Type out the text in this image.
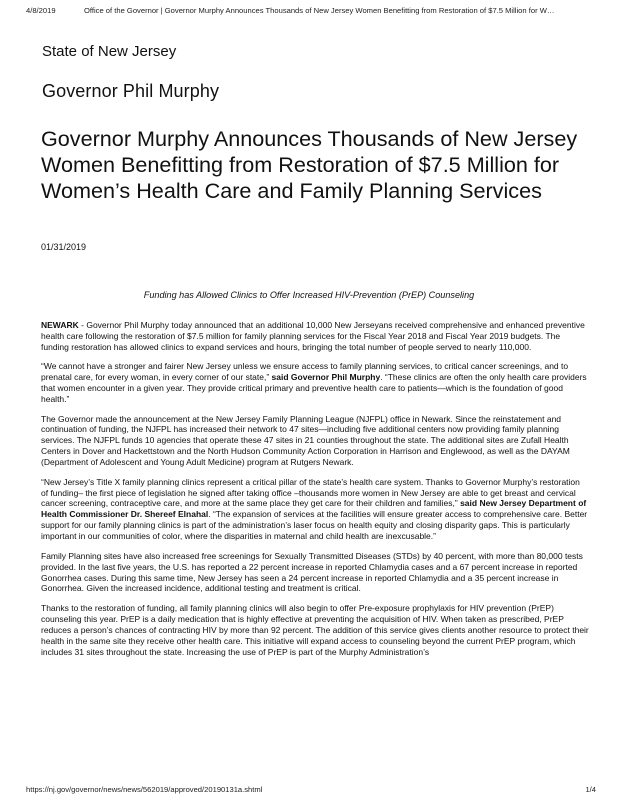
4/8/2019	Office of the Governor | Governor Murphy Announces Thousands of New Jersey Women Benefitting from Restoration of $7.5 Million for W…
State of New Jersey
Governor Phil Murphy
Governor Murphy Announces Thousands of New Jersey Women Benefitting from Restoration of $7.5 Million for Women’s Health Care and Family Planning Services
01/31/2019
Funding has Allowed Clinics to Offer Increased HIV-Prevention (PrEP) Counseling

NEWARK - Governor Phil Murphy today announced that an additional 10,000 New Jerseyans received comprehensive and enhanced preventive health care following the restoration of $7.5 million for family planning services for the Fiscal Year 2018 and Fiscal Year 2019 budgets. The funding restoration has allowed clinics to expand services and hours, bringing the total number of people served to nearly 110,000.

“We cannot have a stronger and fairer New Jersey unless we ensure access to family planning services, to critical cancer screenings, and to prenatal care, for every woman, in every corner of our state,” said Governor Phil Murphy. “These clinics are often the only health care providers that women encounter in a given year. They provide critical primary and preventive health care to patients—which is the foundation of good health.”

The Governor made the announcement at the New Jersey Family Planning League (NJFPL) office in Newark. Since the reinstatement and continuation of funding, the NJFPL has increased their network to 47 sites—including five additional centers now providing family planning services. The NJFPL funds 10 agencies that operate these 47 sites in 21 counties throughout the state. The additional sites are Zufall Health Centers in Dover and Hackettstown and the North Hudson Community Action Corporation in Harrison and Englewood, as well as the DAYAM (Department of Adolescent and Young Adult Medicine) program at Rutgers Newark.

“New Jersey’s Title X family planning clinics represent a critical pillar of the state’s health care system. Thanks to Governor Murphy’s restoration of funding– the first piece of legislation he signed after taking office –thousands more women in New Jersey are able to get breast and cervical cancer screening, contraceptive care, and more at the same place they get care for their children and families,” said New Jersey Department of Health Commissioner Dr. Shereef Elnahal. “The expansion of services at the facilities will ensure greater access to comprehensive care. Better support for our family planning clinics is part of the administration’s laser focus on health equity and closing disparity gaps. This is particularly important in our communities of color, where the disparities in maternal and child health are inexcusable.”

Family Planning sites have also increased free screenings for Sexually Transmitted Diseases (STDs) by 40 percent, with more than 80,000 tests provided. In the last five years, the U.S. has reported a 22 percent increase in reported Chlamydia cases and a 67 percent increase in reported Gonorrhea cases. During this same time, New Jersey has seen a 24 percent increase in reported Chlamydia and a 35 percent increase in Gonorrhea. Given the increased incidence, additional testing and treatment is critical.

Thanks to the restoration of funding, all family planning clinics will also begin to offer Pre-exposure prophylaxis for HIV prevention (PrEP) counseling this year. PrEP is a daily medication that is highly effective at preventing the acquisition of HIV. When taken as prescribed, PrEP reduces a person’s chances of contracting HIV by more than 92 percent. The addition of this service gives clients another resource to protect their health in the same site they receive other health care. This initiative will expand access to counseling beyond the current PrEP program, which includes 31 sites throughout the state. Increasing the use of PrEP is part of the Murphy Administration’s

https://nj.gov/governor/news/news/562019/approved/20190131a.shtml	1/4
